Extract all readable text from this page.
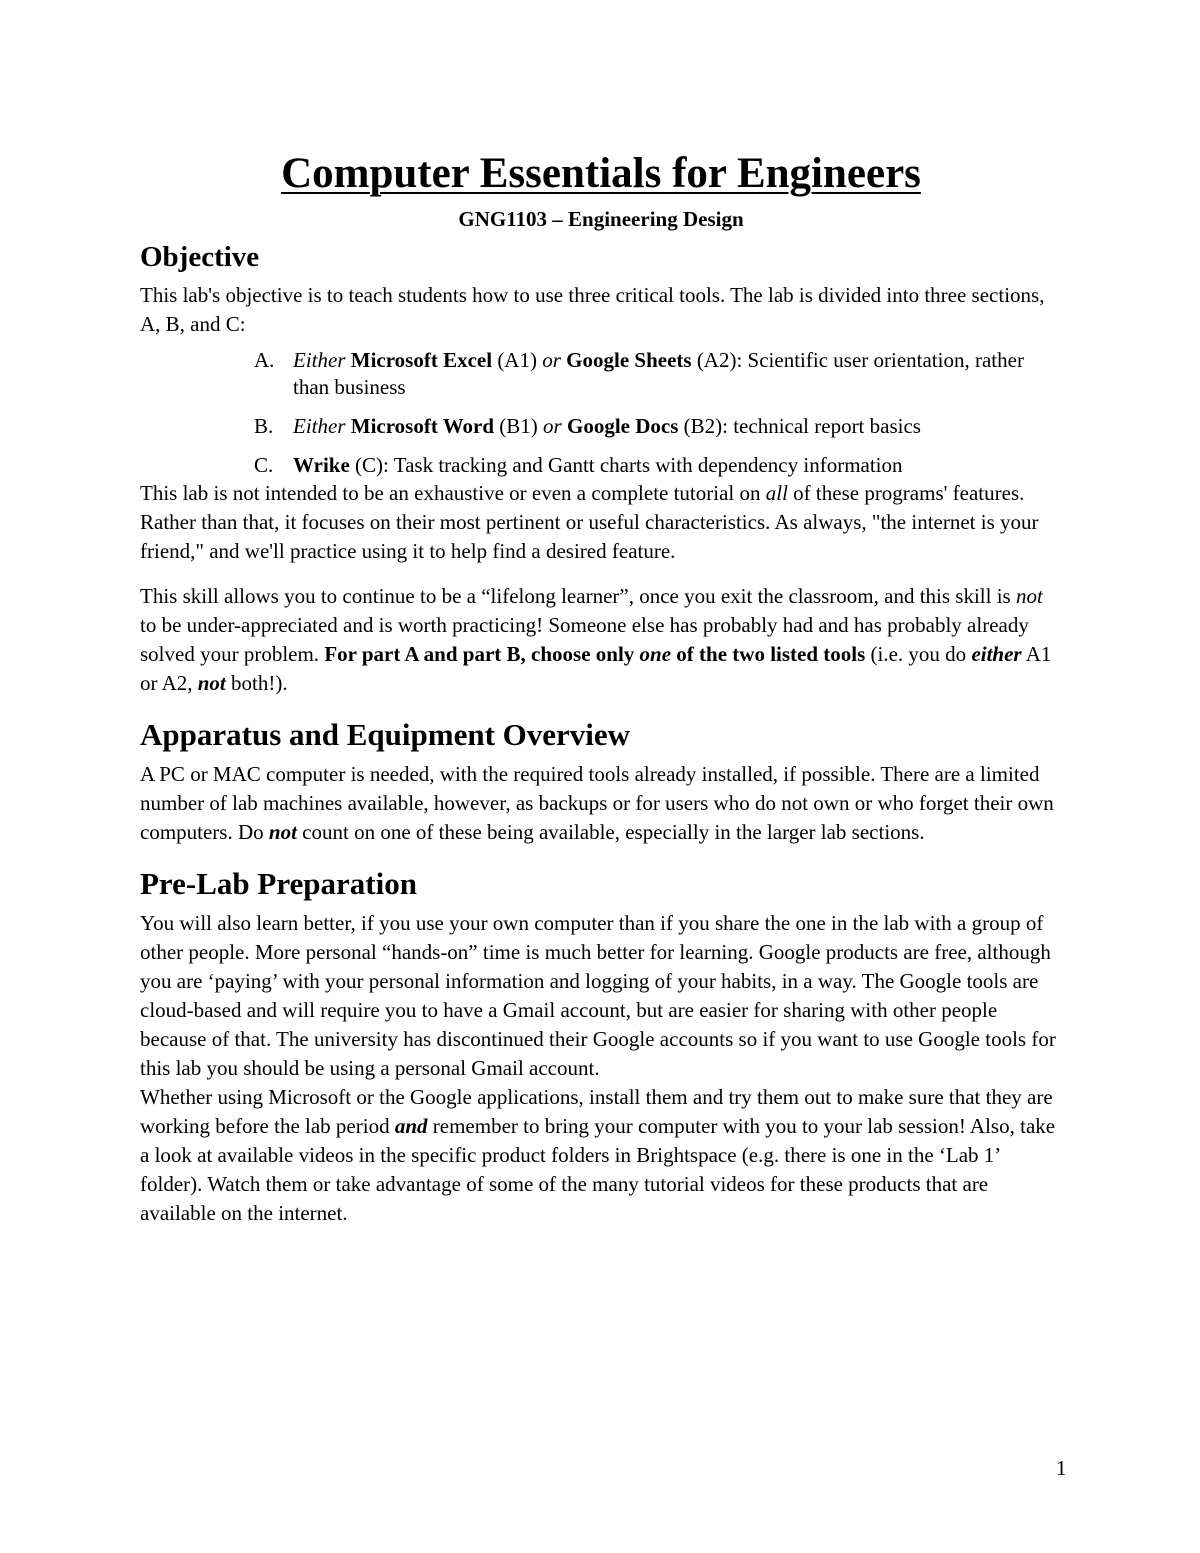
Computer Essentials for Engineers
GNG1103 – Engineering Design
Objective

This lab's objective is to teach students how to use three critical tools. The lab is divided into three sections, A, B, and C:

A. Either Microsoft Excel (A1) or Google Sheets (A2): Scientific user orientation, rather than business
B. Either Microsoft Word (B1) or Google Docs (B2): technical report basics
C. Wrike (C): Task tracking and Gantt charts with dependency information

This lab is not intended to be an exhaustive or even a complete tutorial on all of these programs' features. Rather than that, it focuses on their most pertinent or useful characteristics. As always, "the internet is your friend," and we'll practice using it to help find a desired feature.

This skill allows you to continue to be a “lifelong learner”, once you exit the classroom, and this skill is not to be under-appreciated and is worth practicing! Someone else has probably had and has probably already solved your problem. For part A and part B, choose only one of the two listed tools (i.e. you do either A1 or A2, not both!).

Apparatus and Equipment Overview

A PC or MAC computer is needed, with the required tools already installed, if possible. There are a limited number of lab machines available, however, as backups or for users who do not own or who forget their own computers. Do not count on one of these being available, especially in the larger lab sections.

Pre-Lab Preparation

You will also learn better, if you use your own computer than if you share the one in the lab with a group of other people. More personal “hands-on” time is much better for learning. Google products are free, although you are ‘paying’ with your personal information and logging of your habits, in a way. The Google tools are cloud-based and will require you to have a Gmail account, but are easier for sharing with other people because of that. The university has discontinued their Google accounts so if you want to use Google tools for this lab you should be using a personal Gmail account.

Whether using Microsoft or the Google applications, install them and try them out to make sure that they are working before the lab period and remember to bring your computer with you to your lab session! Also, take a look at available videos in the specific product folders in Brightspace (e.g. there is one in the ‘Lab 1’ folder). Watch them or take advantage of some of the many tutorial videos for these products that are available on the internet.

1
